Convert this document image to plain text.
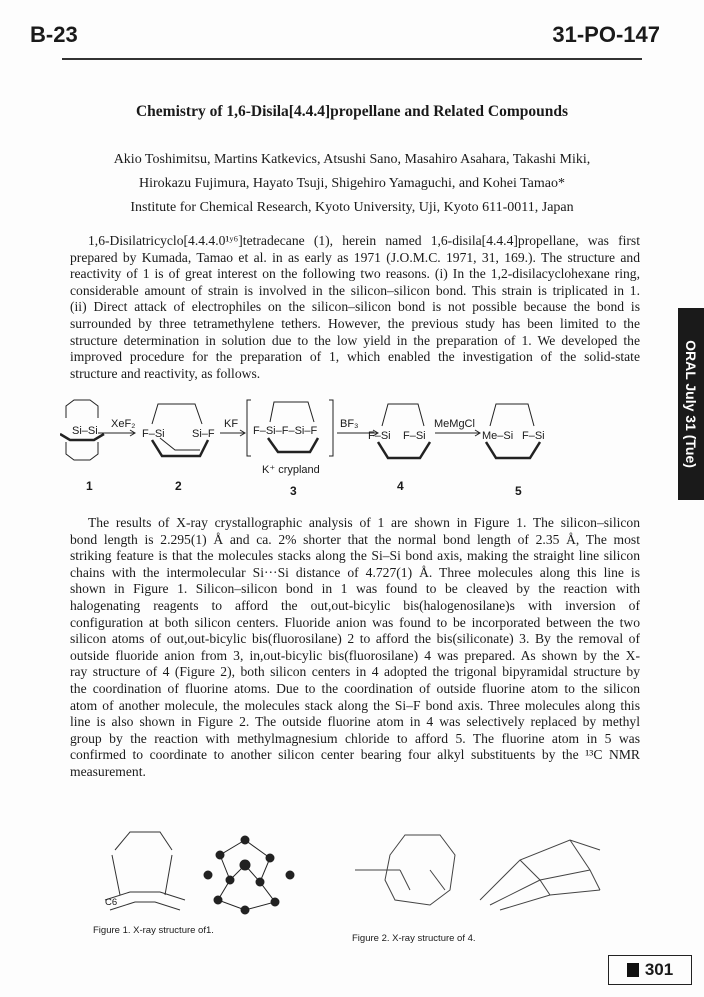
B-23	31-PO-147
Chemistry of 1,6-Disila[4.4.4]propellane and Related Compounds
Akio Toshimitsu, Martins Katkevics, Atsushi Sano, Masahiro Asahara, Takashi Miki,
Hirokazu Fujimura, Hayato Tsuji, Shigehiro Yamaguchi, and Kohei Tamao*
Institute for Chemical Research, Kyoto University, Uji, Kyoto 611-0011, Japan
1,6-Disilatricyclo[4.4.4.0¹ʸ⁶]tetradecane (1), herein named 1,6-disila[4.4.4]propellane, was first
prepared by Kumada, Tamao et al. in as early as 1971 (J.O.M.C. 1971, 31, 169.). The structure and
reactivity of 1 is of great interest on the following two reasons. (i) In the 1,2-disilacyclohexane ring,
considerable amount of strain is involved in the silicon–silicon bond. This strain is triplicated in 1.
(ii) Direct attack of electrophiles on the silicon–silicon bond is not possible because the bond is
surrounded by three tetramethylene tethers. However, the previous study has been limited to the
structure determination in solution due to the low yield in the preparation of 1. We developed the
improved procedure for the preparation of 1, which enabled the investigation of the solid-state
structure and reactivity, as follows.	ORAL July 31 (Tue)
Si–Si
XeF₂
F–Si Si–F
KF
F–Si–F–Si–F
BF₃
F–Si F–Si
MeMgCl
Me–Si F–Si
K⁺ crypland
1	2	3	4	5
The results of X-ray crystallographic analysis of 1 are shown in Figure 1. The silicon–silicon
bond length is 2.295(1) Å and ca. 2% shorter that the normal bond length of 2.35 Å, The most
striking feature is that the molecules stacks along the Si–Si bond axis, making the straight line silicon
chains with the intermolecular Si···Si distance of 4.727(1) Å. Three molecules along this line is
shown in Figure 1. Silicon–silicon bond in 1 was found to be cleaved by the reaction with
halogenating reagents to afford the out,out-bicylic bis(halogenosilane)s with inversion of
configuration at both silicon centers. Fluoride anion was found to be incorporated between the two
silicon atoms of out,out-bicylic bis(fluorosilane) 2 to afford the bis(siliconate) 3. By the removal of
outside fluoride anion from 3, in,out-bicylic bis(fluorosilane) 4 was prepared. As shown by the X-
ray structure of 4 (Figure 2), both silicon centers in 4 adopted the trigonal bipyramidal structure by
the coordination of fluorine atoms. Due to the coordination of outside fluorine atom to the silicon
atom of another molecule, the molecules stack along the Si–F bond axis. Three molecules along this
line is also shown in Figure 2. The outside fluorine atom in 4 was selectively replaced by methyl
group by the reaction with methylmagnesium chloride to afford 5. The fluorine atom in 5 was
confirmed to coordinate to another silicon center bearing four alkyl substituents by the ¹³C NMR
measurement.
C6
Figure 1. X-ray structure of1.
Figure 2. X-ray structure of 4.
301
